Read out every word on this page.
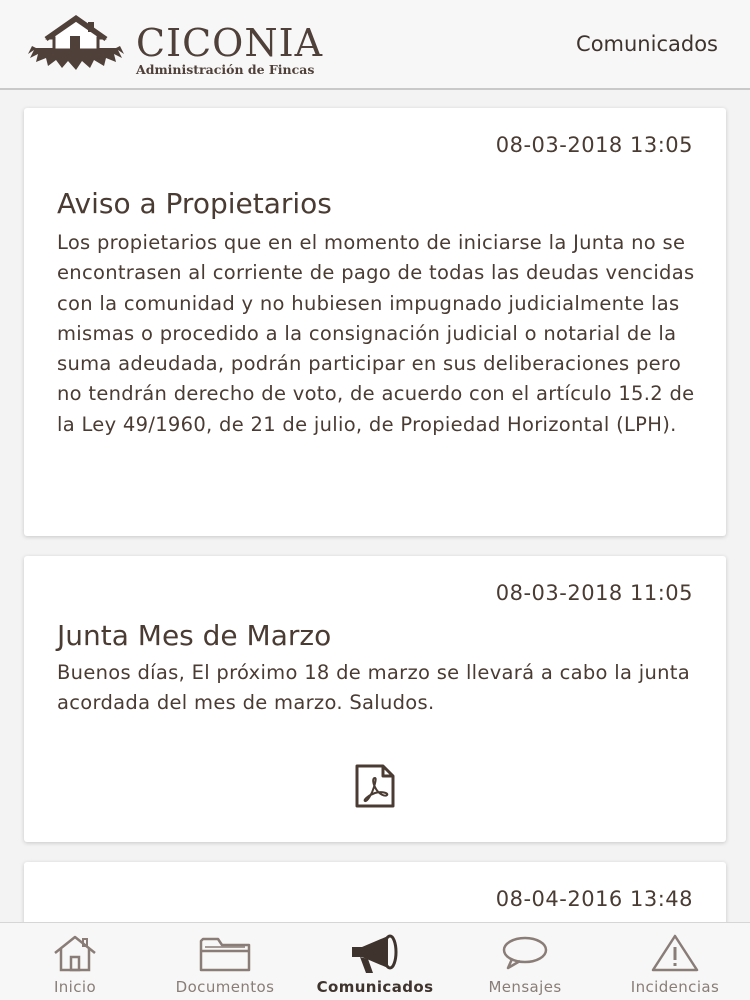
CICONIA
Administración de Fincas
Comunicados
08-03-2018 13:05
Aviso a Propietarios
Los propietarios que en el momento de iniciarse la Junta no se encontrasen al corriente de pago de todas las deudas vencidas con la comunidad y no hubiesen impugnado judicialmente las mismas o procedido a la consignación judicial o notarial de la suma adeudada, podrán participar en sus deliberaciones pero no tendrán derecho de voto, de acuerdo con el artículo 15.2 de la Ley 49/1960, de 21 de julio, de Propiedad Horizontal (LPH).
08-03-2018 11:05
Junta Mes de Marzo
Buenos días, El próximo 18 de marzo se llevará a cabo la junta acordada del mes de marzo. Saludos.
08-04-2016 13:48
Inicio	Documentos	Comunicados	Mensajes	Incidencias
